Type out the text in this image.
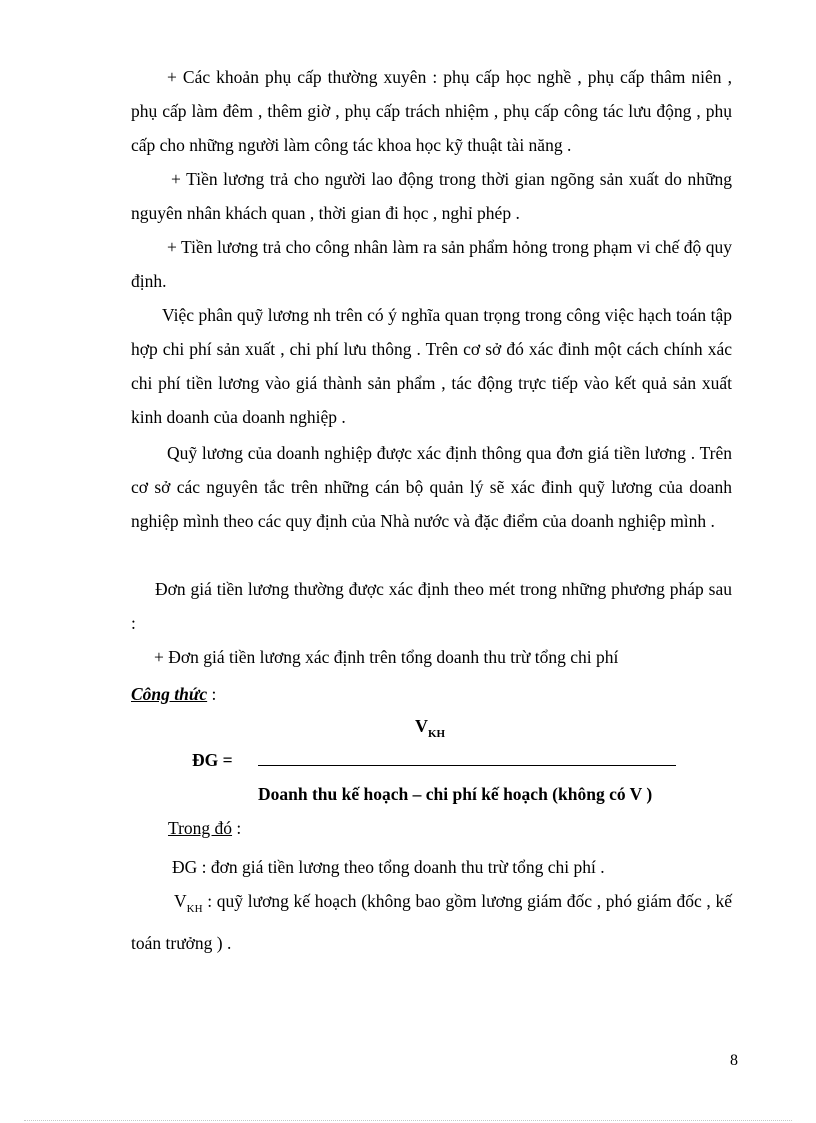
+ Các khoản phụ cấp thường xuyên : phụ cấp học nghề , phụ cấp thâm niên , phụ cấp làm đêm , thêm giờ , phụ cấp trách nhiệm , phụ cấp công tác lưu động , phụ cấp cho những người làm công tác khoa học kỹ thuật tài năng .
+ Tiền lương trả cho người lao động trong thời gian ngõng sản xuất do những nguyên nhân khách quan , thời gian đi học , nghỉ phép .
+ Tiền lương trả cho công nhân làm ra sản phẩm hỏng trong phạm vi chế độ quy định.
Việc phân quỹ lương nh trên có ý nghĩa quan trọng trong công việc hạch toán tập hợp chi phí sản xuất , chi phí lưu thông . Trên cơ sở đó xác đinh một cách chính xác chi phí tiền lương vào giá thành sản phẩm , tác động trực tiếp vào kết quả sản xuất kinh doanh của doanh nghiệp .
Quỹ lương của doanh nghiệp được xác định thông qua đơn giá tiền lương . Trên cơ sở các nguyên tắc trên những cán bộ quản lý sẽ xác đinh quỹ lương của doanh nghiệp mình theo các quy định của Nhà nước và đặc điểm của doanh nghiệp mình .
Đơn giá tiền lương thường được xác định theo mét trong những phương pháp sau :
+ Đơn giá tiền lương xác định trên tổng doanh thu trừ tổng chi phí
Công thức :
$V_{KH}$
ĐG =
Doanh thu kế hoạch – chi phí kế hoạch (không có V )
Trong đó :
ĐG : đơn giá tiền lương theo tổng doanh thu trừ tổng chi phí .
$V_{KH}$ : quỹ lương kế hoạch (không bao gồm lương giám đốc , phó giám đốc , kế toán trưởng ) .
8
